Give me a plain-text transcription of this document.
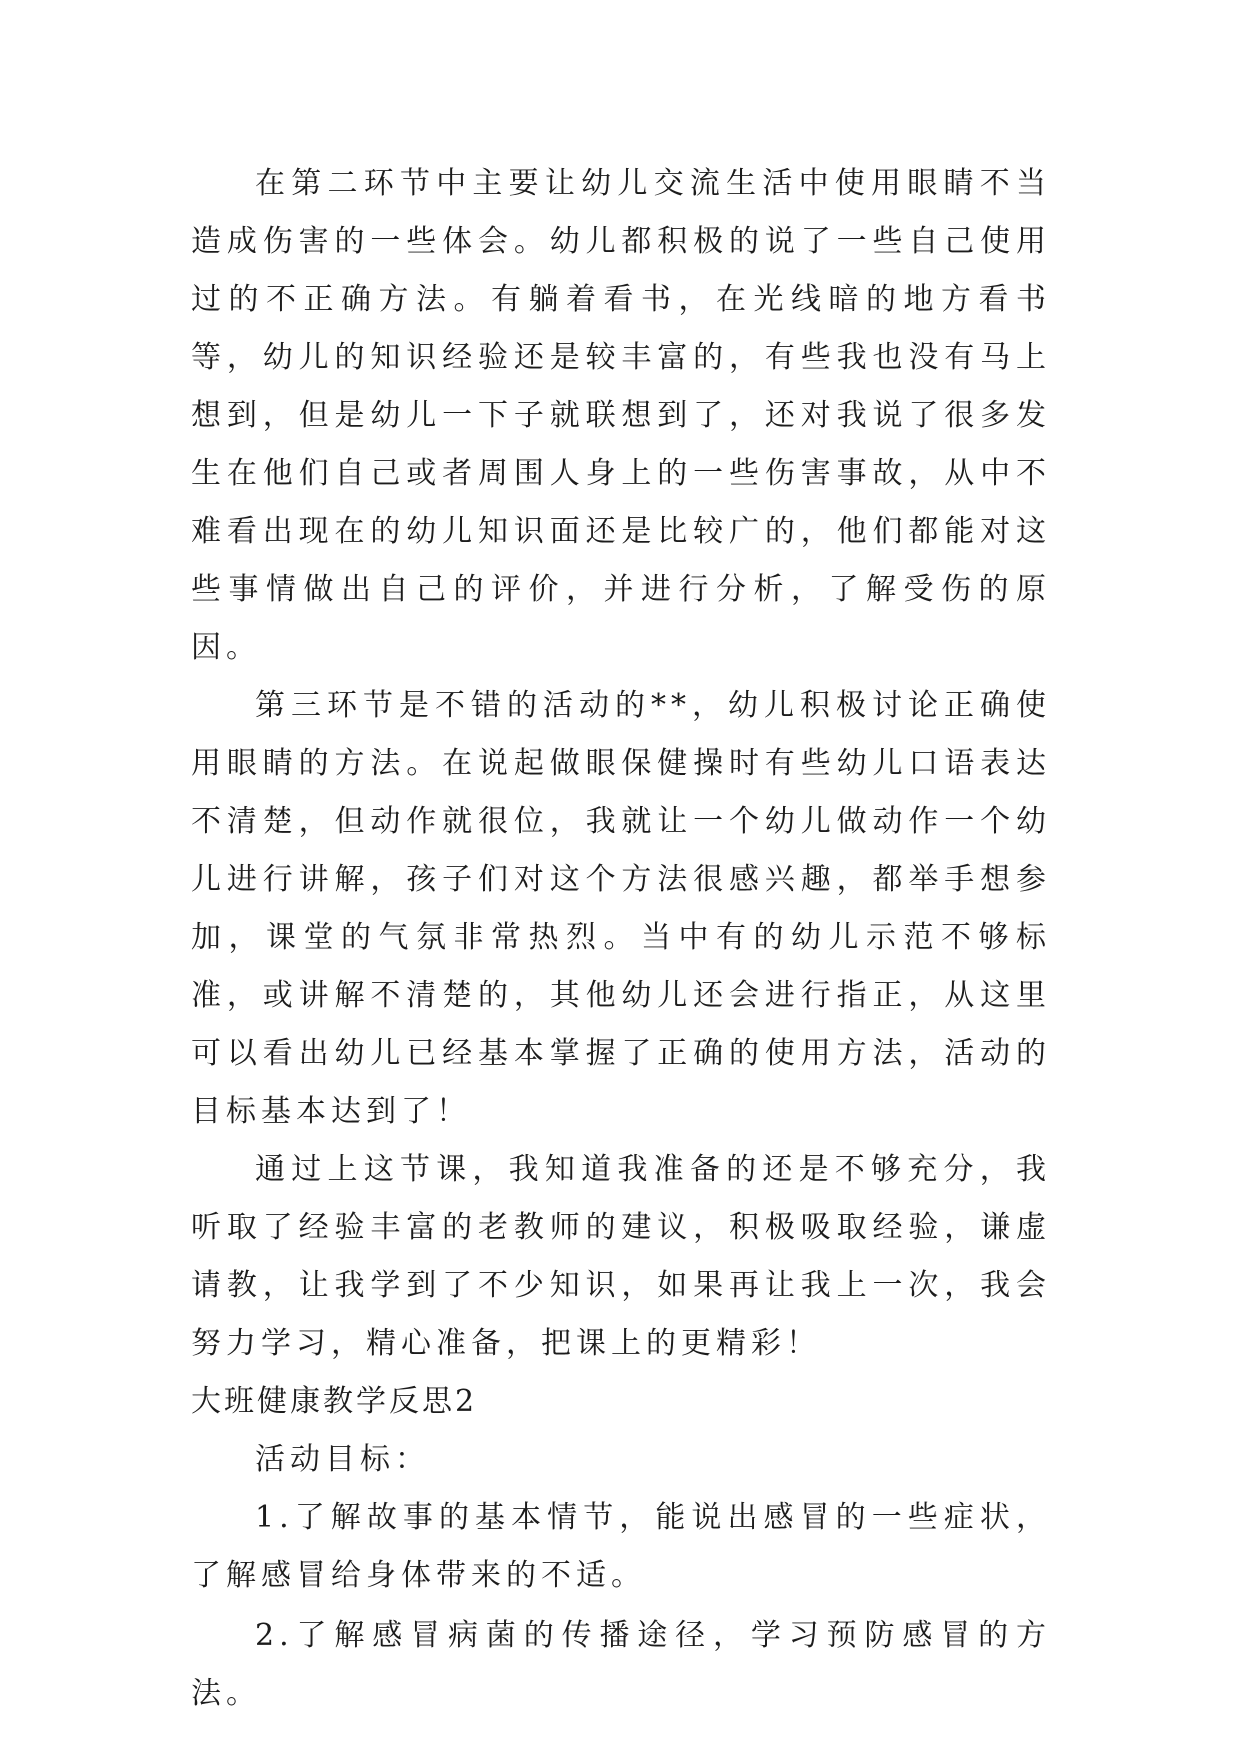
在第二环节中主要让幼儿交流生活中使用眼睛不当造成伤害的一些体会。幼儿都积极的说了一些自己使用过的不正确方法。有躺着看书，在光线暗的地方看书等，幼儿的知识经验还是较丰富的，有些我也没有马上想到，但是幼儿一下子就联想到了，还对我说了很多发生在他们自己或者周围人身上的一些伤害事故，从中不难看出现在的幼儿知识面还是比较广的，他们都能对这些事情做出自己的评价，并进行分析，了解受伤的原因。

第三环节是不错的活动的**，幼儿积极讨论正确使用眼睛的方法。在说起做眼保健操时有些幼儿口语表达不清楚，但动作就很位，我就让一个幼儿做动作一个幼儿进行讲解，孩子们对这个方法很感兴趣，都举手想参加，课堂的气氛非常热烈。当中有的幼儿示范不够标准，或讲解不清楚的，其他幼儿还会进行指正，从这里可以看出幼儿已经基本掌握了正确的使用方法，活动的目标基本达到了！

通过上这节课，我知道我准备的还是不够充分，我听取了经验丰富的老教师的建议，积极吸取经验，谦虚请教，让我学到了不少知识，如果再让我上一次，我会努力学习，精心准备，把课上的更精彩！

大班健康教学反思2

活动目标：

1.了解故事的基本情节，能说出感冒的一些症状，了解感冒给身体带来的不适。

2.了解感冒病菌的传播途径，学习预防感冒的方法。
